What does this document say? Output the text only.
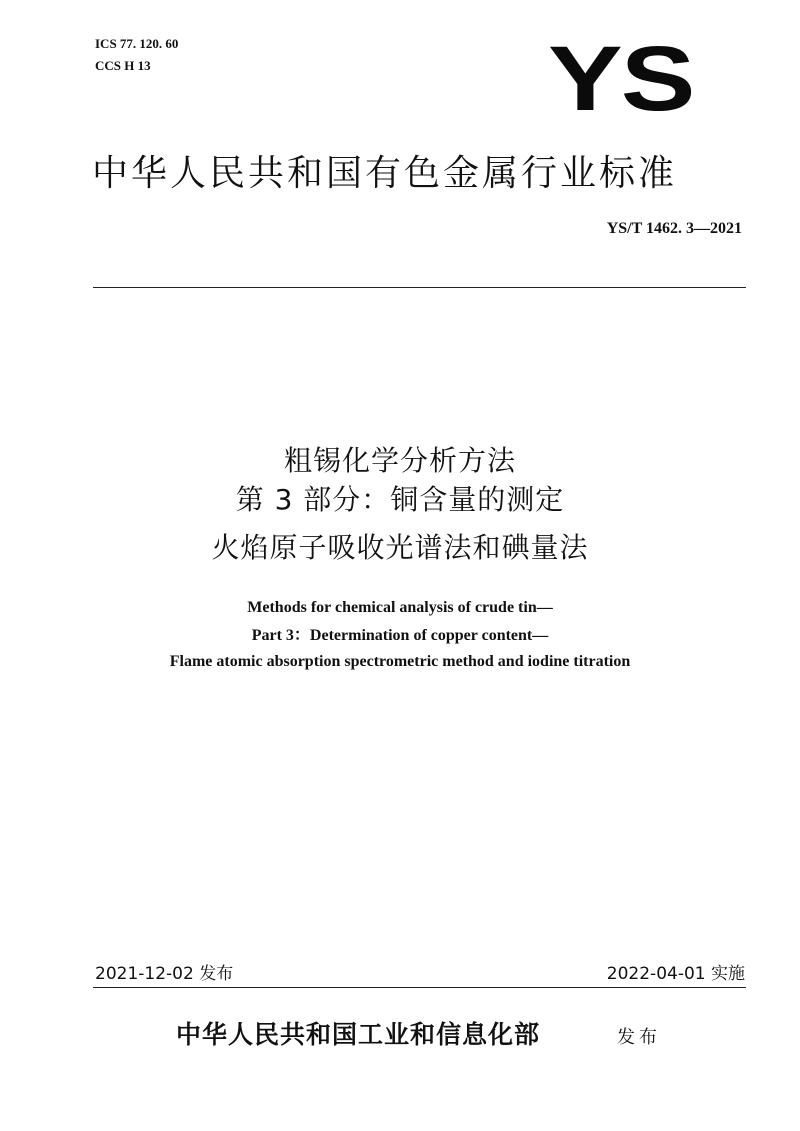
ICS 77. 120. 60
CCS H 13	YS
中华人民共和国有色金属行业标准
YS/T 1462. 3—2021
粗锡化学分析方法
第 3 部分：铜含量的测定
火焰原子吸收光谱法和碘量法
Methods for chemical analysis of crude tin—
Part 3：Determination of copper content—
Flame atomic absorption spectrometric method and iodine titration
2021-12-02 发布	2022-04-01 实施
中华人民共和国工业和信息化部	发布
